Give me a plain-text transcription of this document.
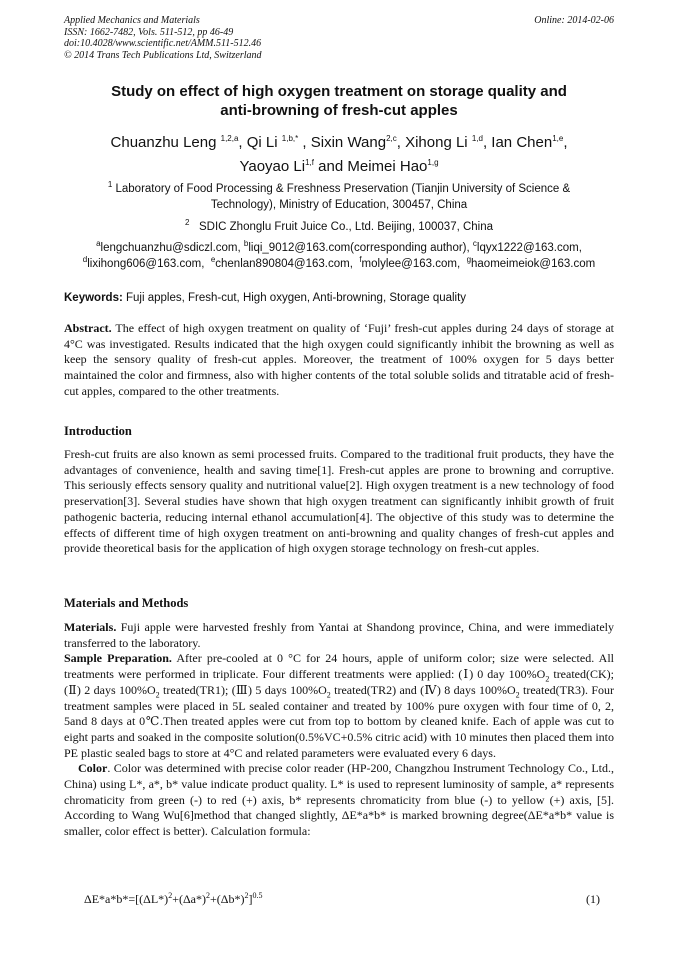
Applied Mechanics and Materials
ISSN: 1662-7482, Vols. 511-512, pp 46-49
doi:10.4028/www.scientific.net/AMM.511-512.46
© 2014 Trans Tech Publications Ltd, Switzerland
Online: 2014-02-06
Study on effect of high oxygen treatment on storage quality and
anti-browning of fresh-cut apples
Chuanzhu Leng $^{1,2,a}$, Qi Li $^{1,b,*}$ , Sixin Wang$^{2,c}$, Xihong Li $^{1,d}$, Ian Chen$^{1,e}$,
Yaoyao Li$^{1,f}$ and Meimei Hao$^{1,g}$
$^1$ Laboratory of Food Processing & Freshness Preservation (Tianjin University of Science &
Technology), Ministry of Education, 300457, China
$^2$ SDIC Zhonglu Fruit Juice Co., Ltd. Beijing, 100037, China
$^a$lengchuanzhu@sdiczl.com, $^b$liqi_9012@163.com(corresponding author), $^c$lqyx1222@163.com,
$^d$lixihong606@163.com,  $^e$chenlan890804@163.com,  $^f$molylee@163.com,  $^g$haomeimeiok@163.com
Keywords: Fuji apples, Fresh-cut, High oxygen, Anti-browning, Storage quality

Abstract. The effect of high oxygen treatment on quality of ‘Fuji’ fresh-cut apples during 24 days of storage at 4°C was investigated. Results indicated that the high oxygen could significantly inhibit the browning as well as keep the sensory quality of fresh-cut apples. Moreover, the treatment of 100% oxygen for 5 days better maintained the color and firmness, also with higher contents of the total soluble solids and titratable acid of fresh-cut apples, compared to the other treatments.

Introduction

Fresh-cut fruits are also known as semi processed fruits. Compared to the traditional fruit products, they have the advantages of convenience, health and saving time[1]. Fresh-cut apples are prone to browning and corruptive. This seriously effects sensory quality and nutritional value[2]. High oxygen treatment is a new technology of food preservation[3]. Several studies have shown that high oxygen treatment can significantly inhibit growth of fruit pathogenic bacteria, reducing internal ethanol accumulation[4]. The objective of this study was to determine the effects of different time of high oxygen treatment on anti-browning and quality changes of fresh-cut apples and provide theoretical basis for the application of high oxygen storage technology on fresh-cut apples.

Materials and Methods

Materials. Fuji apple were harvested freshly from Yantai at Shandong province, China, and were immediately transferred to the laboratory.

Sample Preparation. After pre-cooled at 0 °C for 24 hours, apple of uniform color; size were selected. All treatments were performed in triplicate. Four different treatments were applied: (Ⅰ) 0 day $100\%O_2$ treated(CK); (Ⅱ) 2 days $100\%O_2$ treated(TR1); (Ⅲ) 5 days $100\%O_2$ treated(TR2) and (Ⅳ) 8 days $100\%O_2$ treated(TR3). Four treatment samples were placed in 5L sealed container and treated by 100% pure oxygen with four time of 0, 2, 5and 8 days at 0℃.Then treated apples were cut from top to bottom by cleaned knife. Each of apple was cut to eight parts and soaked in the composite solution(0.5%VC+0.5% citric acid) with 10 minutes then placed them into PE plastic sealed bags to store at 4°C and related parameters were evaluated every 6 days.

Color. Color was determined with precise color reader (HP-200, Changzhou Instrument Technology Co., Ltd., China) using L*, a*, b* value indicate product quality. L* is used to represent luminosity of sample, a* represents chromaticity from green (-) to red (+) axis, b* represents chromaticity from blue (-) to yellow (+) axis, [5]. According to Wang Wu[6]method that changed slightly, ΔE*a*b* is marked browning degree(ΔE*a*b* value is smaller, color effect is better). Calculation formula:

$\Delta E*a*b*=[(\Delta L*)^2+(\Delta a*)^2+(\Delta b*)^2]^{0.5}$	(1)
